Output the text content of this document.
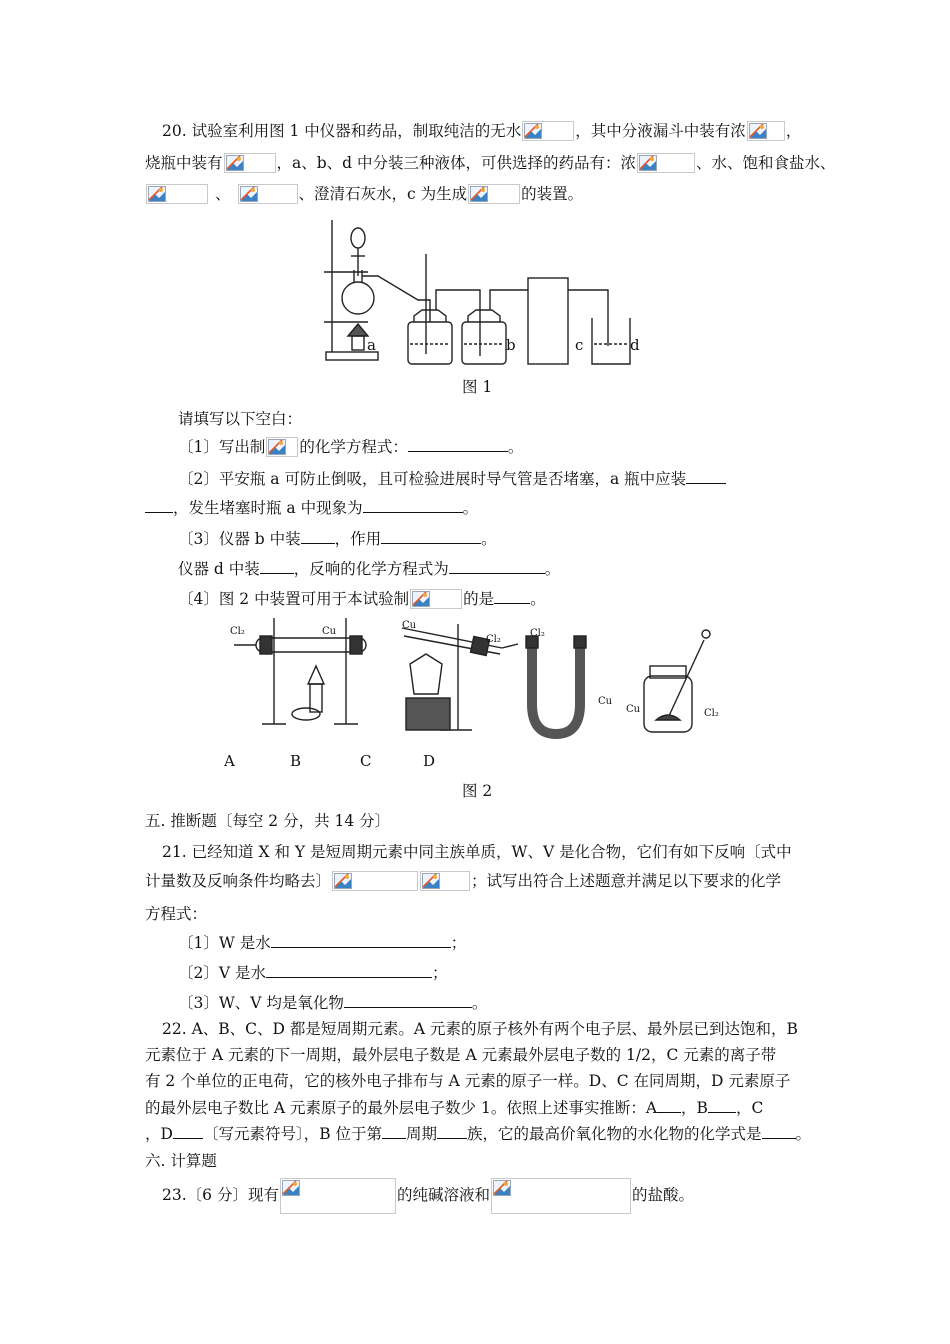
20. 试验室利用图 1 中仪器和药品，制取纯洁的无水	，其中分液漏斗中装有浓	，
烧瓶中装有	，a、b、d 中分装三种液体，可供选择的药品有：浓	、水、饱和食盐水、
、	、澄清石灰水，c 为生成	的装置。
a	b	c	d
图 1
请填写以下空白：
〔1〕写出制 的化学方程式：	。
〔2〕平安瓶 a 可防止倒吸，且可检验进展时导气管是否堵塞，a 瓶中应装
，发生堵塞时瓶 a 中现象为	。
〔3〕仪器 b 中装 ，作用	。
仪器 d 中装 ，反响的化学方程式为	。
〔4〕图 2 中装置可用于本试验制	的是 。
Cl₂	Cu
Cu
Cl₂
Cl₂
Cu
Cu	Cl₂
A	B	C	D
图 2
五. 推断题〔每空 2 分，共 14 分〕
21. 已经知道 X 和 Y 是短周期元素中同主族单质，W、V 是化合物，它们有如下反响〔式中
计量数及反响条件均略去〕	；试写出符合上述题意并满足以下要求的化学
方程式：
〔1〕W 是水	；
〔2〕V 是水	；
〔3〕W、V 均是氧化物	。
22. A、B、C、D 都是短周期元素。A 元素的原子核外有两个电子层、最外层已到达饱和，B
元素位于 A 元素的下一周期，最外层电子数是 A 元素最外层电子数的 1/2，C 元素的离子带
有 2 个单位的正电荷，它的核外电子排布与 A 元素的原子一样。D、C 在同周期，D 元素原子
的最外层电子数比 A 元素原子的最外层电子数少 1。依照上述事实推断：A ，B ，C
，D 〔写元素符号〕，B 位于第 周期 族，它的最高价氧化物的水化物的化学式是 。
六. 计算题
23.〔6 分〕现有	的纯碱溶液和	的盐酸。
